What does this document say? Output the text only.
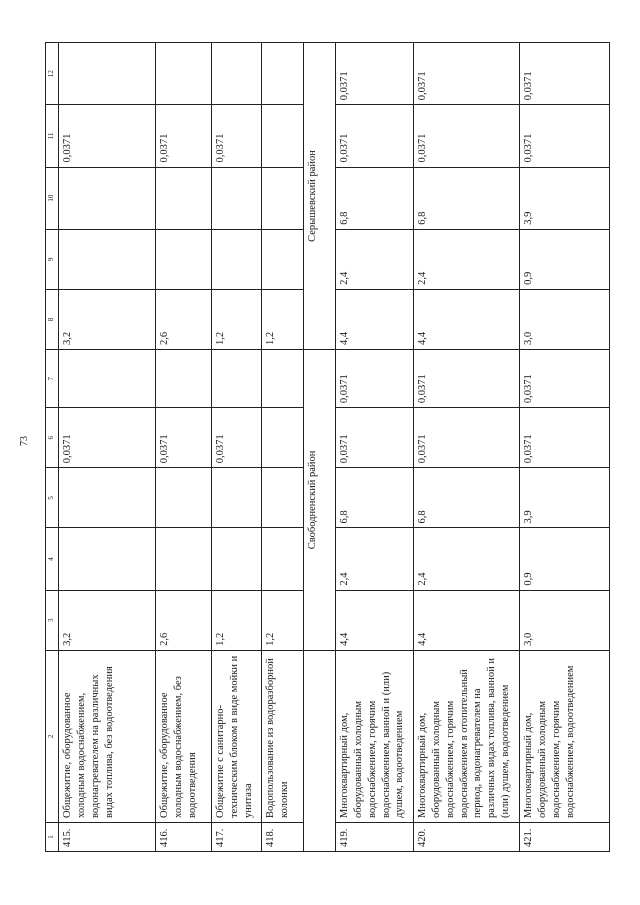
73
1	2	3	4	5	6	7	8	9	10	11	12
415.	Общежитие, оборудованное холодным водоснабжением, водонагревателем на различных видах топлива, без водоотведения	3,2			0,0371		3,2			0,0371	
416.	Общежитие, оборудованное холодным водоснабжением, без водоотведения	2,6			0,0371		2,6			0,0371	
417.	Общежитие с санитарно-техническим блоком в виде мойки и унитаза	1,2			0,0371		1,2			0,0371	
418.	Водопользование из водоразборной колонки	1,2					1,2				
		Свободненский район					Серышевский район				
419.	Многоквартирный дом, оборудованный холодным водоснабжением, горячим водоснабжением, ванной и (или) душем, водоотведением	4,4	2,4	6,8	0,0371	0,0371	4,4	2,4	6,8	0,0371	0,0371
420.	Многоквартирный дом, оборудованный холодным водоснабжением, горячим водоснабжением в отопительный период, водонагревателем на различных видах топлива, ванной и (или) душем, водоотведением	4,4	2,4	6,8	0,0371	0,0371	4,4	2,4	6,8	0,0371	0,0371
421.	Многоквартирный дом, оборудованный холодным водоснабжением, горячим водоснабжением, водоотведением	3,0	0,9	3,9	0,0371	0,0371	3,0	0,9	3,9	0,0371	0,0371
